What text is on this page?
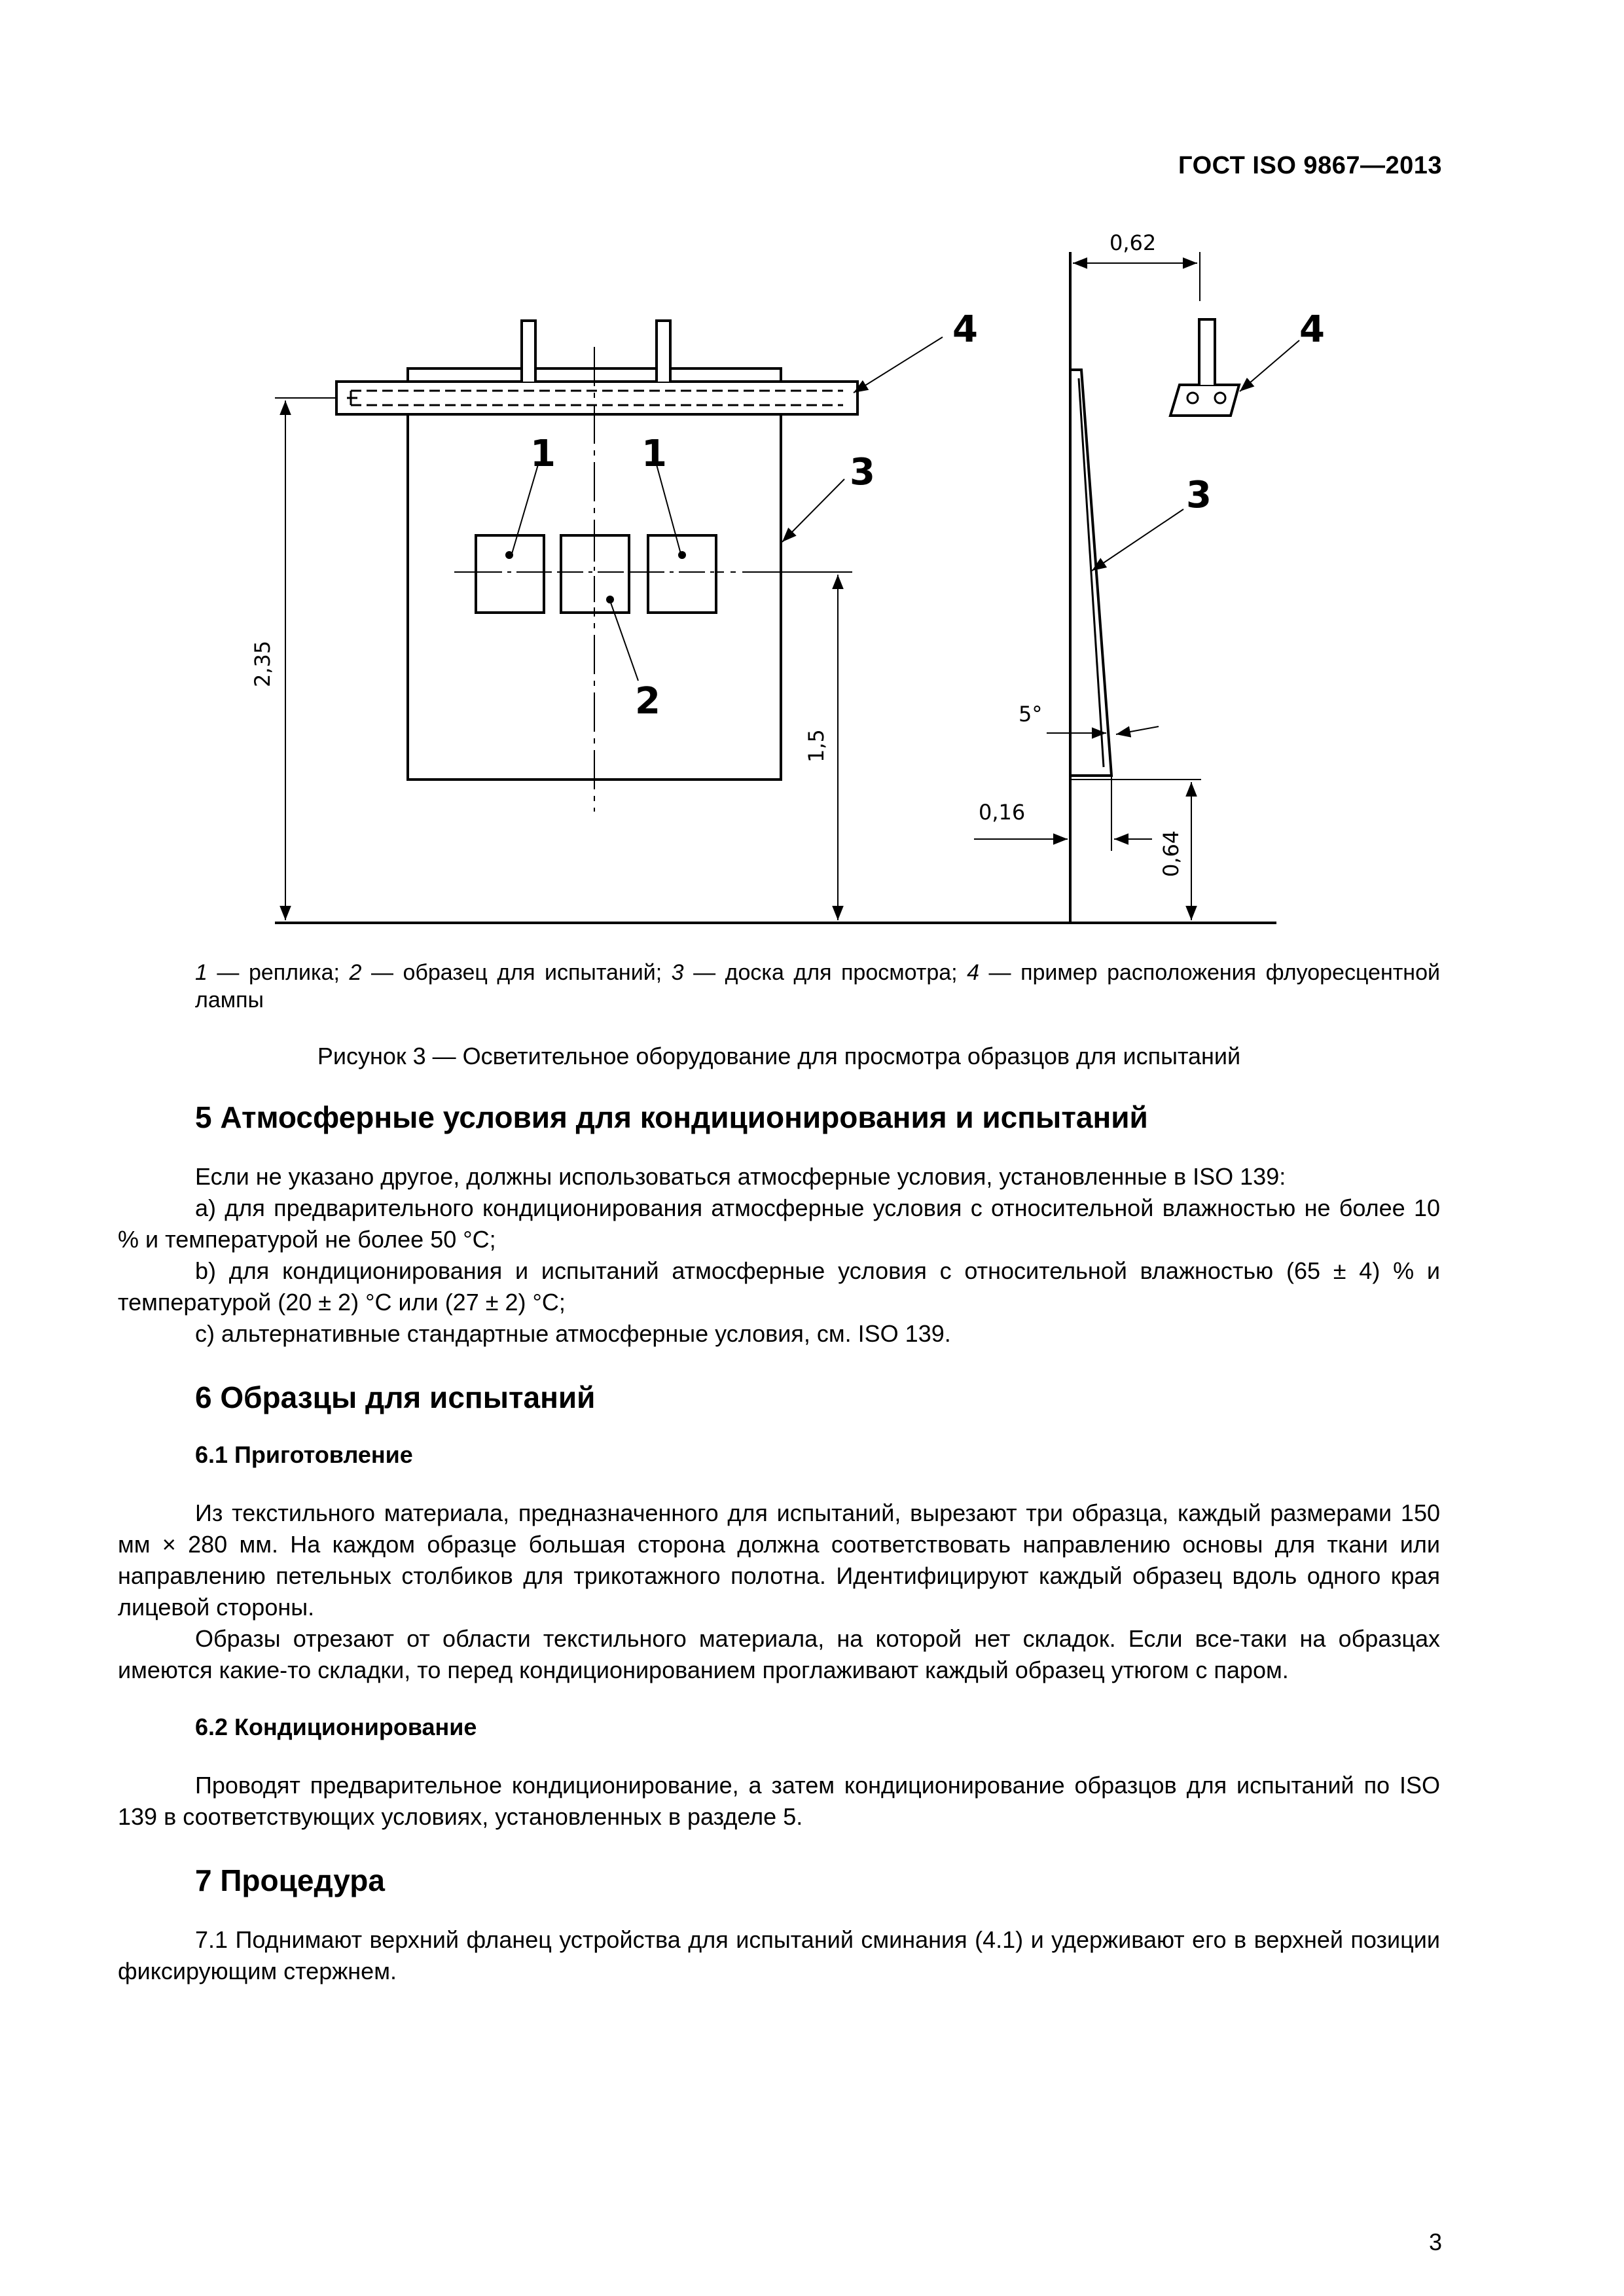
ГОСТ ISO 9867—2013
1 1
2
3
4	4
3
2,35
1,5
0,62
5°
0,16
0,64
1 — реплика; 2 — образец для испытаний; 3 — доска для просмотра; 4 — пример расположения флуоресцентной лампы
Рисунок 3 — Осветительное оборудование для просмотра образцов для испытаний
5 Атмосферные условия для кондиционирования и испытаний

Если не указано другое, должны использоваться атмосферные условия, установленные в ISO 139:

a) для предварительного кондиционирования атмосферные условия с относительной влажностью не более 10 % и температурой не более 50 °С;

b) для кондиционирования и испытаний атмосферные условия с относительной влажностью (65 ± 4) % и температурой (20 ± 2) °С или (27 ± 2) °С;

c) альтернативные стандартные атмосферные условия, см. ISO 139.

6 Образцы для испытаний
6.1 Приготовление

Из текстильного материала, предназначенного для испытаний, вырезают три образца, каждый размерами 150 мм × 280 мм. На каждом образце большая сторона должна соответствовать направлению основы для ткани или направлению петельных столбиков для трикотажного полотна. Идентифицируют каждый образец вдоль одного края лицевой стороны.

Образы отрезают от области текстильного материала, на которой нет складок. Если все-таки на образцах имеются какие-то складки, то перед кондиционированием проглаживают каждый образец утюгом с паром.

6.2 Кондиционирование

Проводят предварительное кондиционирование, а затем кондиционирование образцов для испытаний по ISO 139 в соответствующих условиях, установленных в разделе 5.

7 Процедура

7.1 Поднимают верхний фланец устройства для испытаний сминания (4.1) и удерживают его в верхней позиции фиксирующим стержнем.

3
